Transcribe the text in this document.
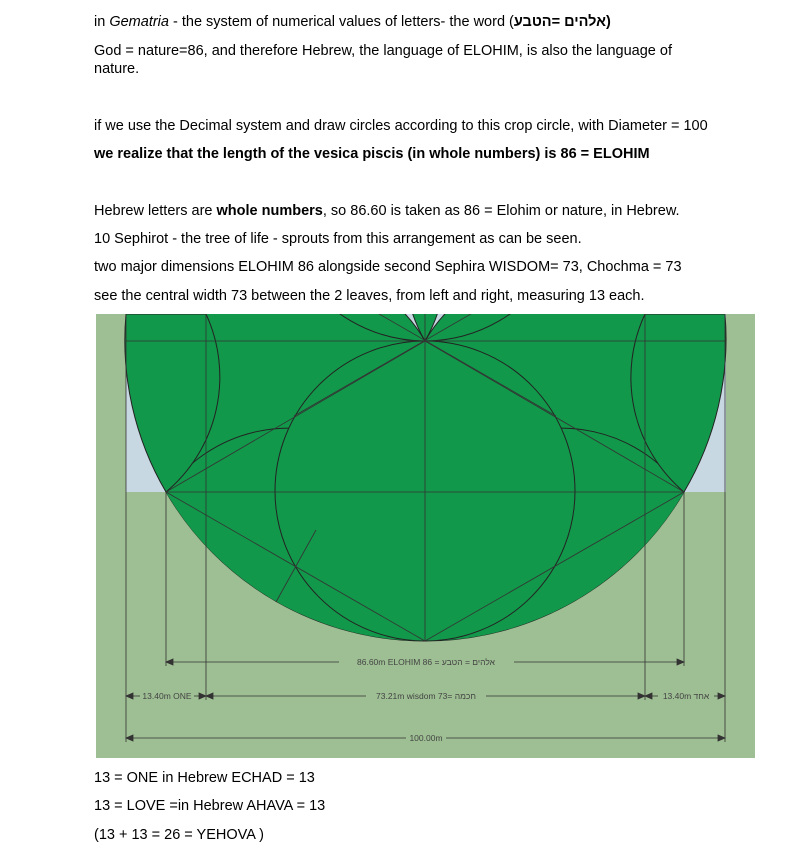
in Gematria - the system of numerical values of letters- the word (אלהים =הטבע)
God = nature=86, and therefore Hebrew, the language of ELOHIM, is also the language of nature.
if we use the Decimal system and draw circles according to this crop circle, with Diameter = 100
we realize that the length of the vesica piscis (in whole numbers) is 86 = ELOHIM
Hebrew letters are whole numbers, so 86.60 is taken as 86 = Elohim or nature, in Hebrew.
10 Sephirot - the tree of life - sprouts from this arrangement as can be seen.
two major dimensions ELOHIM 86 alongside second Sephira WISDOM= 73, Chochma = 73
see the central width 73 between the 2 leaves, from left and right, measuring 13 each.
86.60m ELOHIM 86 = אלהים = הטבע
13.40m ONE	73.21m wisdom 73= חכמה	13.40m אחד
100.00m
13 = ONE in Hebrew ECHAD = 13
13 = LOVE =in Hebrew AHAVA = 13
(13 + 13 = 26 = YEHOVA )
